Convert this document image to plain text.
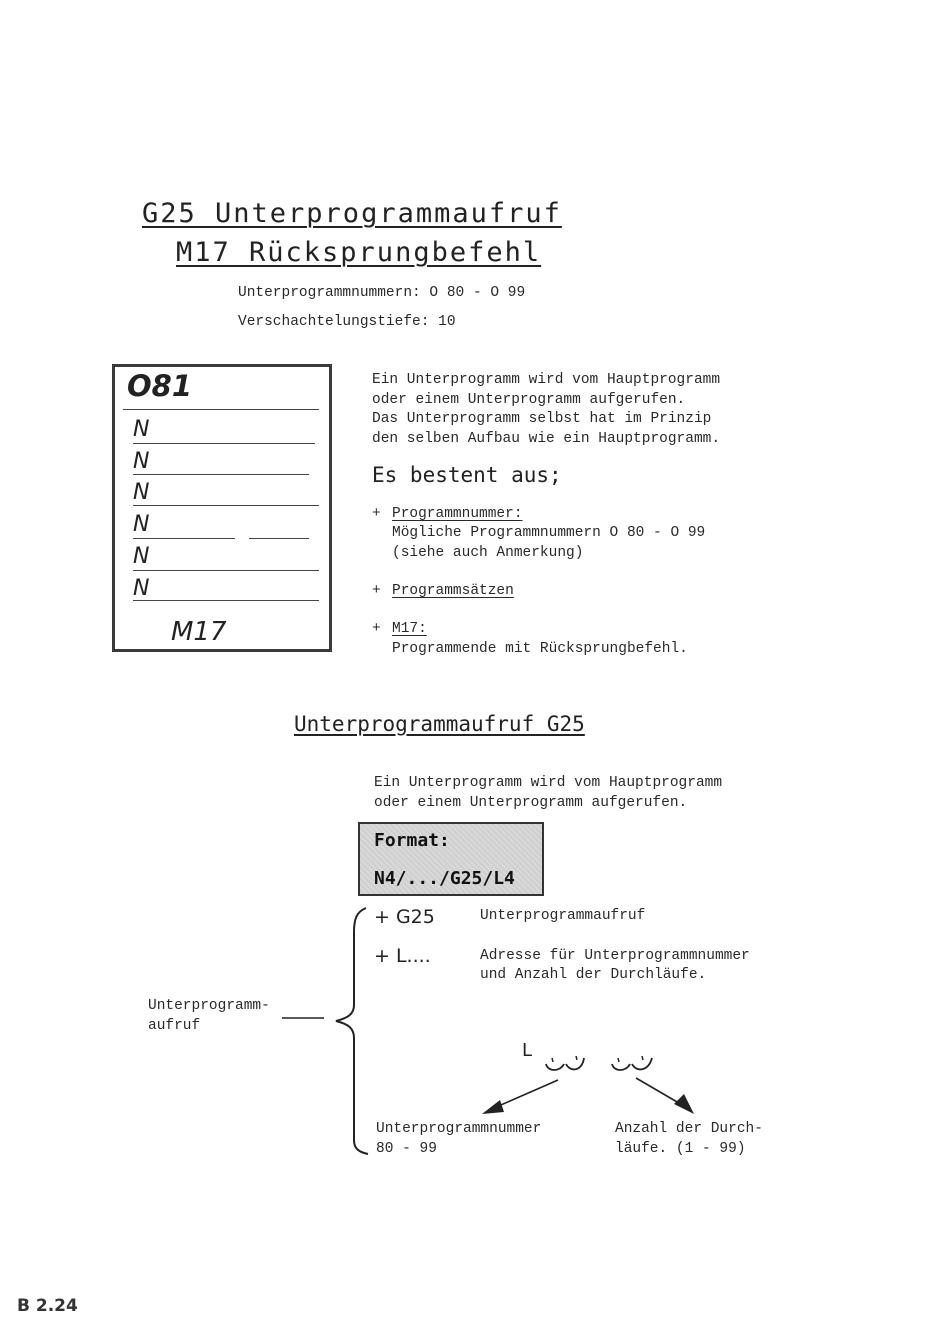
G25 Unterprogrammaufruf
M17 Rücksprungbefehl
Unterprogrammnummern: O 80 - O 99
Verschachtelungstiefe: 10
O81
N
N
N
N
N
N
M17
Ein Unterprogramm wird vom Hauptprogramm
oder einem Unterprogramm aufgerufen.
Das Unterprogramm selbst hat im Prinzip
den selben Aufbau wie ein Hauptprogramm.
Es bestent aus;
+ Programmnummer:
Mögliche Programmnummern O 80 - O 99
(siehe auch Anmerkung)
+ Programmsätzen
+ M17:
Programmende mit Rücksprungbefehl.
Unterprogrammaufruf G25
Ein Unterprogramm wird vom Hauptprogramm
oder einem Unterprogramm aufgerufen.
Format:
N4/.../G25/L4
+ G25	Unterprogrammaufruf
+ L....	Adresse für Unterprogrammnummer
und Anzahl der Durchläufe.
Unterprogramm-
aufruf
L
Unterprogrammnummer
80 - 99
Anzahl der Durch-
läufe. (1 - 99)
B 2.24
